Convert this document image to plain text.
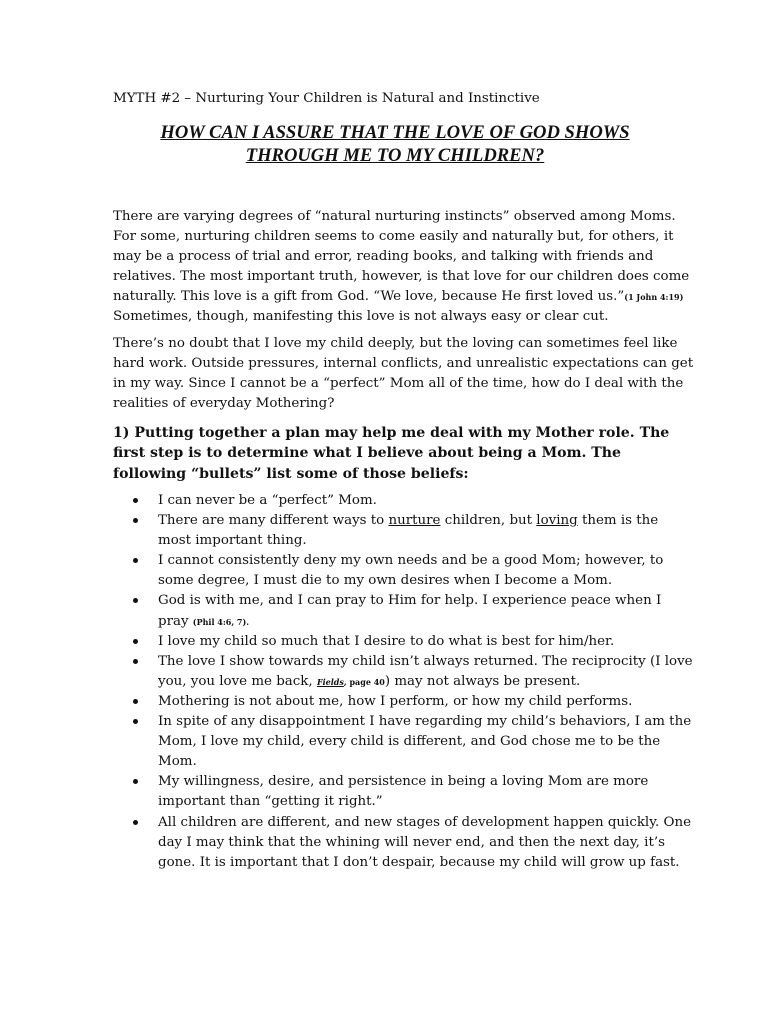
MYTH #2 – Nurturing Your Children is Natural and Instinctive
HOW CAN I ASSURE THAT THE LOVE OF GOD SHOWS
THROUGH ME TO MY CHILDREN?
There are varying degrees of “natural nurturing instincts” observed among Moms.
For some, nurturing children seems to come easily and naturally but, for others, it
may be a process of trial and error, reading books, and talking with friends and
relatives. The most important truth, however, is that love for our children does come
naturally. This love is a gift from God. “We love, because He first loved us.”(1 John 4:19)
Sometimes, though, manifesting this love is not always easy or clear cut.
There’s no doubt that I love my child deeply, but the loving can sometimes feel like
hard work. Outside pressures, internal conflicts, and unrealistic expectations can get
in my way. Since I cannot be a “perfect” Mom all of the time, how do I deal with the
realities of everyday Mothering?
1) Putting together a plan may help me deal with my Mother role. The
first step is to determine what I believe about being a Mom. The
following “bullets” list some of those beliefs:
I can never be a “perfect” Mom.
There are many different ways to nurture children, but loving them is the
most important thing.
I cannot consistently deny my own needs and be a good Mom; however, to
some degree, I must die to my own desires when I become a Mom.
God is with me, and I can pray to Him for help. I experience peace when I
pray (Phil 4:6, 7).
I love my child so much that I desire to do what is best for him/her.
The love I show towards my child isn’t always returned. The reciprocity (I love
you, you love me back, Fields, page 40) may not always be present.
Mothering is not about me, how I perform, or how my child performs.
In spite of any disappointment I have regarding my child’s behaviors, I am the
Mom, I love my child, every child is different, and God chose me to be the
Mom.
My willingness, desire, and persistence in being a loving Mom are more
important than “getting it right.”
All children are different, and new stages of development happen quickly. One
day I may think that the whining will never end, and then the next day, it’s
gone. It is important that I don’t despair, because my child will grow up fast.
